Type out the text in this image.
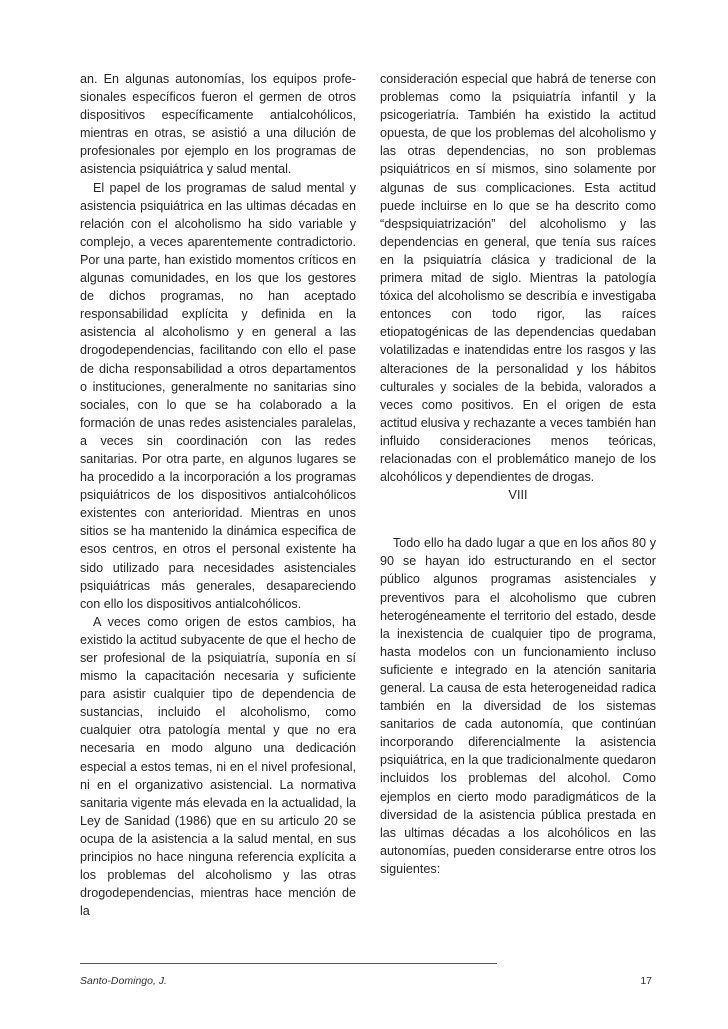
an. En algunas autonomías, los equipos profesionales específicos fueron el germen de otros dispositivos específicamente antialcohólicos, mientras en otras, se asistió a una dilución de profesionales por ejemplo en los programas de asistencia psiquiátrica y salud mental.

El papel de los programas de salud mental y asistencia psiquiátrica en las ultimas décadas en relación con el alcoholismo ha sido variable y complejo, a veces aparentemente contradictorio. Por una parte, han existido momentos críticos en algunas comunidades, en los que los gestores de dichos programas, no han aceptado responsabilidad explícita y definida en la asistencia al alcoholismo y en general a las drogodependencias, facilitando con ello el pase de dicha responsabilidad a otros departamentos o instituciones, generalmente no sanitarias sino sociales, con lo que se ha colaborado a la formación de unas redes asistenciales paralelas, a veces sin coordinación con las redes sanitarias. Por otra parte, en algunos lugares se ha procedido a la incorporación a los programas psiquiátricos de los dispositivos antialcohólicos existentes con anterioridad. Mientras en unos sitios se ha mantenido la dinámica especifica de esos centros, en otros el personal existente ha sido utilizado para necesidades asistenciales psiquiátricas más generales, desapareciendo con ello los dispositivos antialcohólicos.

A veces como origen de estos cambios, ha existido la actitud subyacente de que el hecho de ser profesional de la psiquiatría, suponía en sí mismo la capacitación necesaria y suficiente para asistir cualquier tipo de dependencia de sustancias, incluido el alcoholismo, como cualquier otra patología mental y que no era necesaria en modo alguno una dedicación especial a estos temas, ni en el nivel profesional, ni en el organizativo asistencial. La normativa sanitaria vigente más elevada en la actualidad, la Ley de Sanidad (1986) que en su articulo 20 se ocupa de la asistencia a la salud mental, en sus principios no hace ninguna referencia explícita a los problemas del alcoholismo y las otras drogodependencias, mientras hace mención de la

consideración especial que habrá de tenerse con problemas como la psiquiatría infantil y la psicogeriatría. También ha existido la actitud opuesta, de que los problemas del alcoholismo y las otras dependencias, no son problemas psiquiátricos en sí mismos, sino solamente por algunas de sus complicaciones. Esta actitud puede incluirse en lo que se ha descrito como “despsiquiatrización” del alcoholismo y las dependencias en general, que tenía sus raíces en la psiquiatría clásica y tradicional de la primera mitad de siglo. Mientras la patología tóxica del alcoholismo se describía e investigaba entonces con todo rigor, las raíces etiopatogénicas de las dependencias quedaban volatilizadas e inatendidas entre los rasgos y las alteraciones de la personalidad y los hábitos culturales y sociales de la bebida, valorados a veces como positivos. En el origen de esta actitud elusiva y rechazante a veces también han influido consideraciones menos teóricas, relacionadas con el problemático manejo de los alcohólicos y dependientes de drogas.

VIII

Todo ello ha dado lugar a que en los años 80 y 90 se hayan ido estructurando en el sector público algunos programas asistenciales y preventivos para el alcoholismo que cubren heterogéneamente el territorio del estado, desde la inexistencia de cualquier tipo de programa, hasta modelos con un funcionamiento incluso suficiente e integrado en la atención sanitaria general. La causa de esta heterogeneidad radica también en la diversidad de los sistemas sanitarios de cada autonomía, que continúan incorporando diferencialmente la asistencia psiquiátrica, en la que tradicionalmente quedaron incluidos los problemas del alcohol. Como ejemplos en cierto modo paradigmáticos de la diversidad de la asistencia pública prestada en las ultimas décadas a los alcohólicos en las autonomías, pueden considerarse entre otros los siguientes:

Santo-Domingo, J.	17
